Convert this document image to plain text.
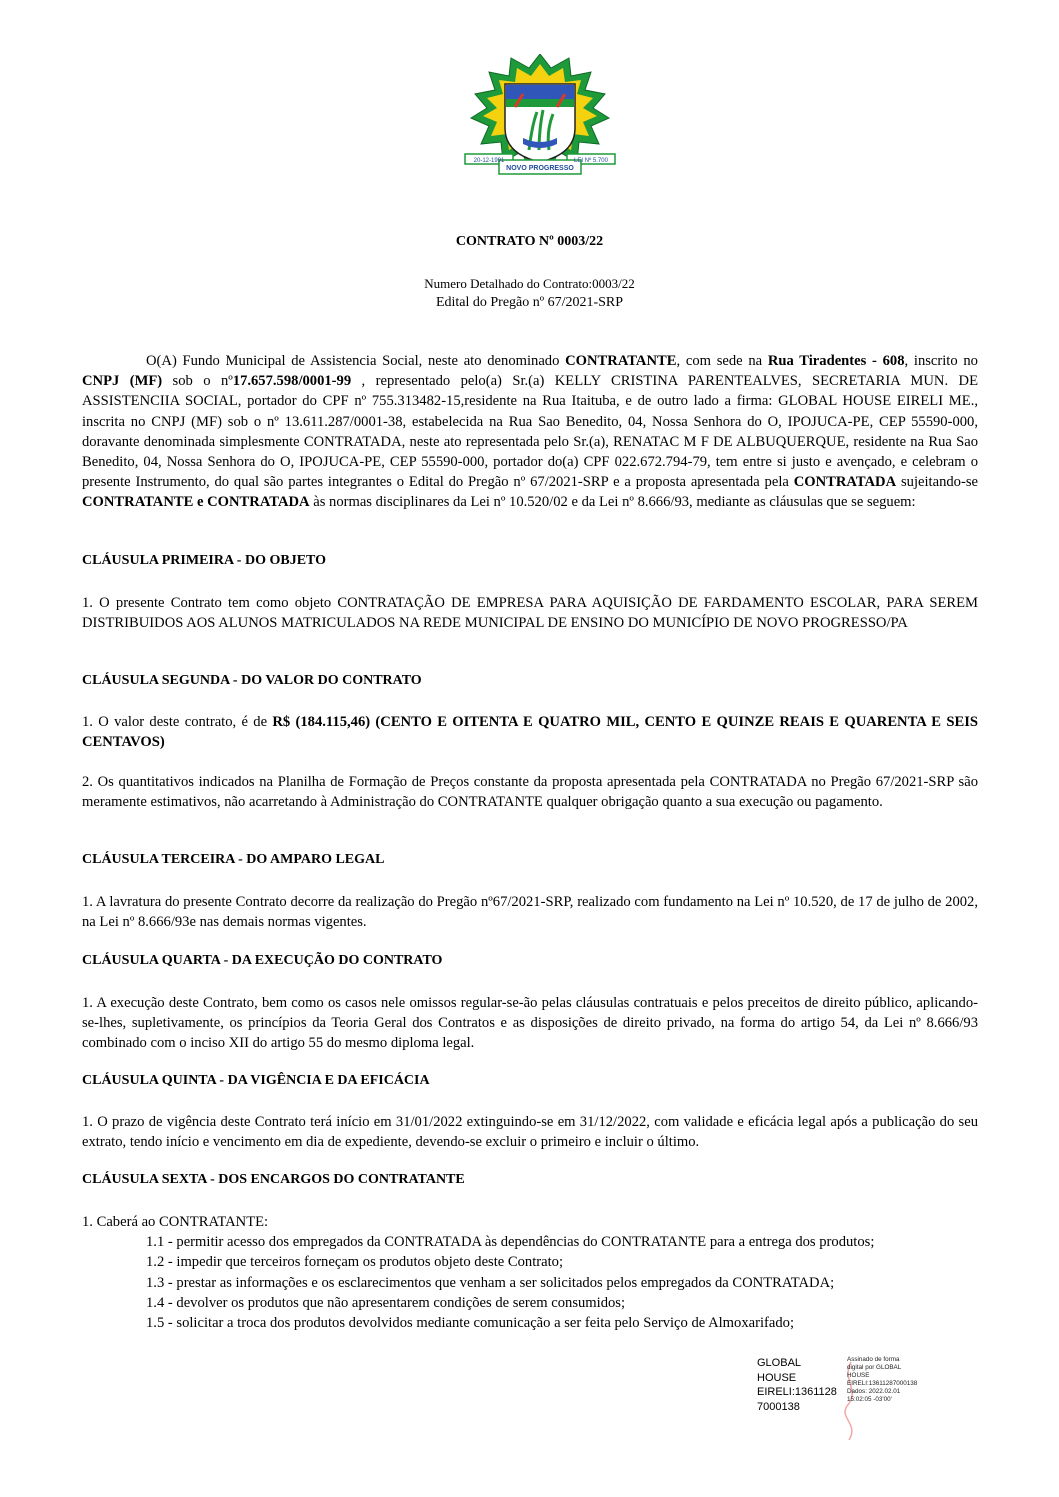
20-12-1991
NOVO PROGRESSO
LEI Nº 5.700
CONTRATO Nº 0003/22
Numero Detalhado do Contrato:0003/22
Edital do Pregão nº 67/2021-SRP
O(A) Fundo Municipal de Assistencia Social, neste ato denominado CONTRATANTE, com sede na Rua Tiradentes - 608, inscrito no CNPJ (MF) sob o nº17.657.598/0001-99 , representado pelo(a) Sr.(a) KELLY CRISTINA PARENTEALVES, SECRETARIA MUN. DE ASSISTENCIIA SOCIAL, portador do CPF nº 755.313482-15,residente na Rua Itaituba, e de outro lado a firma: GLOBAL HOUSE EIRELI ME., inscrita no CNPJ (MF) sob o nº 13.611.287/0001-38, estabelecida na Rua Sao Benedito, 04, Nossa Senhora do O, IPOJUCA-PE, CEP 55590-000, doravante denominada simplesmente CONTRATADA, neste ato representada pelo Sr.(a), RENATAC M F DE ALBUQUERQUE, residente na Rua Sao Benedito, 04, Nossa Senhora do O, IPOJUCA-PE, CEP 55590-000, portador do(a) CPF 022.672.794-79, tem entre si justo e avençado, e celebram o presente Instrumento, do qual são partes integrantes o Edital do Pregão nº 67/2021-SRP e a proposta apresentada pela CONTRATADA sujeitando-se CONTRATANTE e CONTRATADA às normas disciplinares da Lei nº 10.520/02 e da Lei nº 8.666/93, mediante as cláusulas que se seguem:
CLÁUSULA PRIMEIRA - DO OBJETO
1. O presente Contrato tem como objeto CONTRATAÇÃO DE EMPRESA PARA AQUISIÇÃO DE FARDAMENTO ESCOLAR, PARA SEREM DISTRIBUIDOS AOS ALUNOS MATRICULADOS NA REDE MUNICIPAL DE ENSINO DO MUNICÍPIO DE NOVO PROGRESSO/PA
CLÁUSULA SEGUNDA - DO VALOR DO CONTRATO
1. O valor deste contrato, é de R$ (184.115,46) (CENTO E OITENTA E QUATRO MIL, CENTO E QUINZE REAIS E QUARENTA E SEIS CENTAVOS)
2. Os quantitativos indicados na Planilha de Formação de Preços constante da proposta apresentada pela CONTRATADA no Pregão 67/2021-SRP são meramente estimativos, não acarretando à Administração do CONTRATANTE qualquer obrigação quanto a sua execução ou pagamento.
CLÁUSULA TERCEIRA - DO AMPARO LEGAL
1. A lavratura do presente Contrato decorre da realização do Pregão nº67/2021-SRP, realizado com fundamento na Lei nº 10.520, de 17 de julho de 2002, na Lei nº 8.666/93e nas demais normas vigentes.
CLÁUSULA QUARTA - DA EXECUÇÃO DO CONTRATO
1. A execução deste Contrato, bem como os casos nele omissos regular-se-ão pelas cláusulas contratuais e pelos preceitos de direito público, aplicando-se-lhes, supletivamente, os princípios da Teoria Geral dos Contratos e as disposições de direito privado, na forma do artigo 54, da Lei nº 8.666/93 combinado com o inciso XII do artigo 55 do mesmo diploma legal.
CLÁUSULA QUINTA - DA VIGÊNCIA E DA EFICÁCIA
1. O prazo de vigência deste Contrato terá início em 31/01/2022 extinguindo-se em 31/12/2022, com validade e eficácia legal após a publicação do seu extrato, tendo início e vencimento em dia de expediente, devendo-se excluir o primeiro e incluir o último.
CLÁUSULA SEXTA - DOS ENCARGOS DO CONTRATANTE
1. Caberá ao CONTRATANTE:
1.1 - permitir acesso dos empregados da CONTRATADA às dependências do CONTRATANTE para a entrega dos produtos;
1.2 - impedir que terceiros forneçam os produtos objeto deste Contrato;
1.3 - prestar as informações e os esclarecimentos que venham a ser solicitados pelos empregados da CONTRATADA;
1.4 - devolver os produtos que não apresentarem condições de serem consumidos;
1.5 - solicitar a troca dos produtos devolvidos mediante comunicação a ser feita pelo Serviço de Almoxarifado;
GLOBAL
HOUSE
EIRELI:1361128
7000138
Assinado de forma
digital por GLOBAL
HOUSE
EIRELI:13611287000138
Dados: 2022.02.01
15:02:05 -03'00'
